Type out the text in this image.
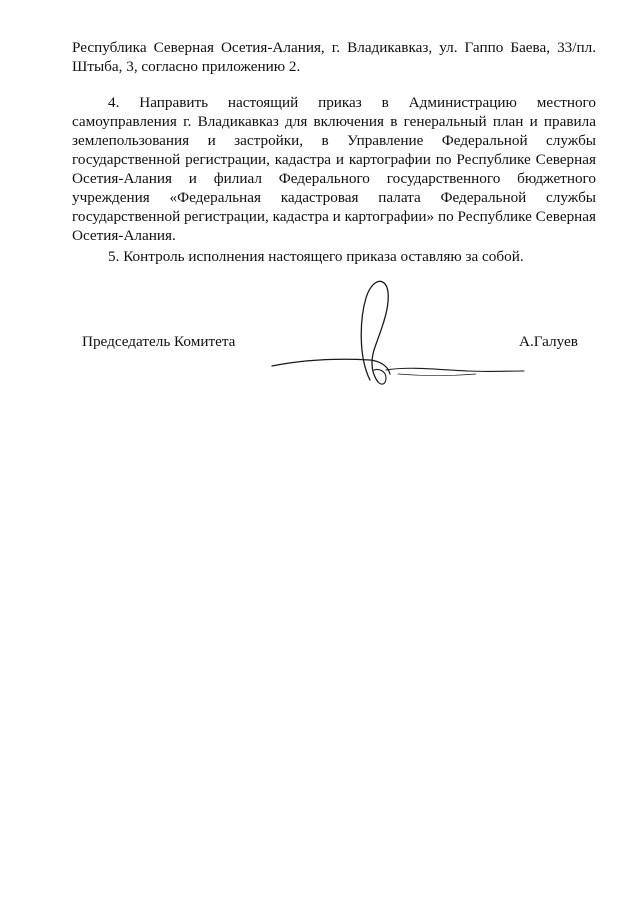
Республика Северная Осетия-Алания, г. Владикавказ, ул. Гаппо Баева, 33/пл. Штыба, 3, согласно приложению 2.

4. Направить настоящий приказ в Администрацию местного самоуправления г. Владикавказ для включения в генеральный план и правила землепользования и застройки, в Управление Федеральной службы государственной регистрации, кадастра и картографии по Республике Северная Осетия-Алания и филиал Федерального государственного бюджетного учреждения «Федеральная кадастровая палата Федеральной службы государственной регистрации, кадастра и картографии» по Республике Северная Осетия-Алания.

5. Контроль исполнения настоящего приказа оставляю за собой.

Председатель Комитета	А.Галуев
